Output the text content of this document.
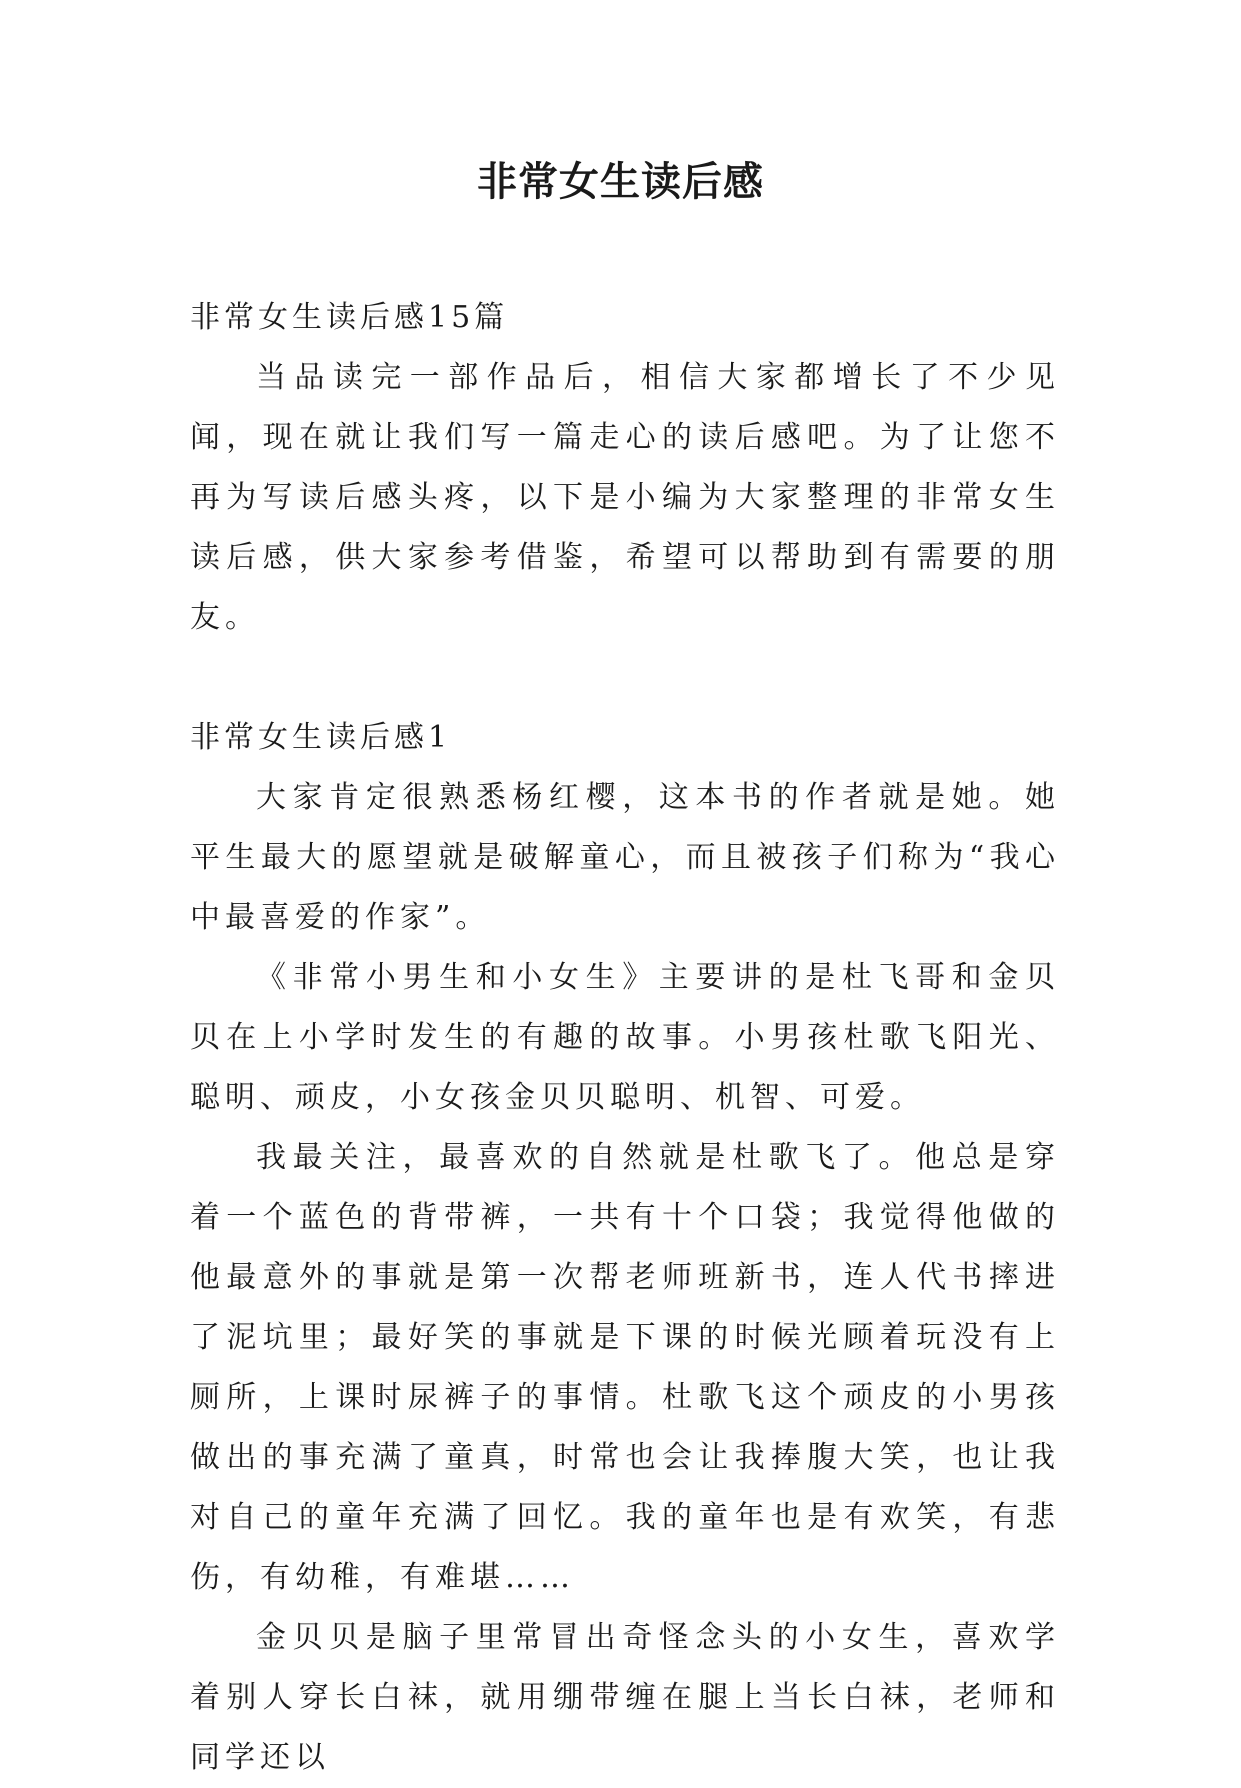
非常女生读后感

非常女生读后感15篇

当品读完一部作品后，相信大家都增长了不少见闻，现在就让我们写一篇走心的读后感吧。为了让您不再为写读后感头疼，以下是小编为大家整理的非常女生读后感，供大家参考借鉴，希望可以帮助到有需要的朋友。

非常女生读后感1

大家肯定很熟悉杨红樱，这本书的作者就是她。她平生最大的愿望就是破解童心，而且被孩子们称为“我心中最喜爱的作家”。

《非常小男生和小女生》主要讲的是杜飞哥和金贝贝在上小学时发生的有趣的故事。小男孩杜歌飞阳光、聪明、顽皮，小女孩金贝贝聪明、机智、可爱。

我最关注，最喜欢的自然就是杜歌飞了。他总是穿着一个蓝色的背带裤，一共有十个口袋；我觉得他做的他最意外的事就是第一次帮老师班新书，连人代书摔进了泥坑里；最好笑的事就是下课的时候光顾着玩没有上厕所，上课时尿裤子的事情。杜歌飞这个顽皮的小男孩做出的事充满了童真，时常也会让我捧腹大笑，也让我对自己的童年充满了回忆。我的童年也是有欢笑，有悲伤，有幼稚，有难堪……

金贝贝是脑子里常冒出奇怪念头的小女生，喜欢学着别人穿长白袜，就用绷带缠在腿上当长白袜，老师和同学还以
